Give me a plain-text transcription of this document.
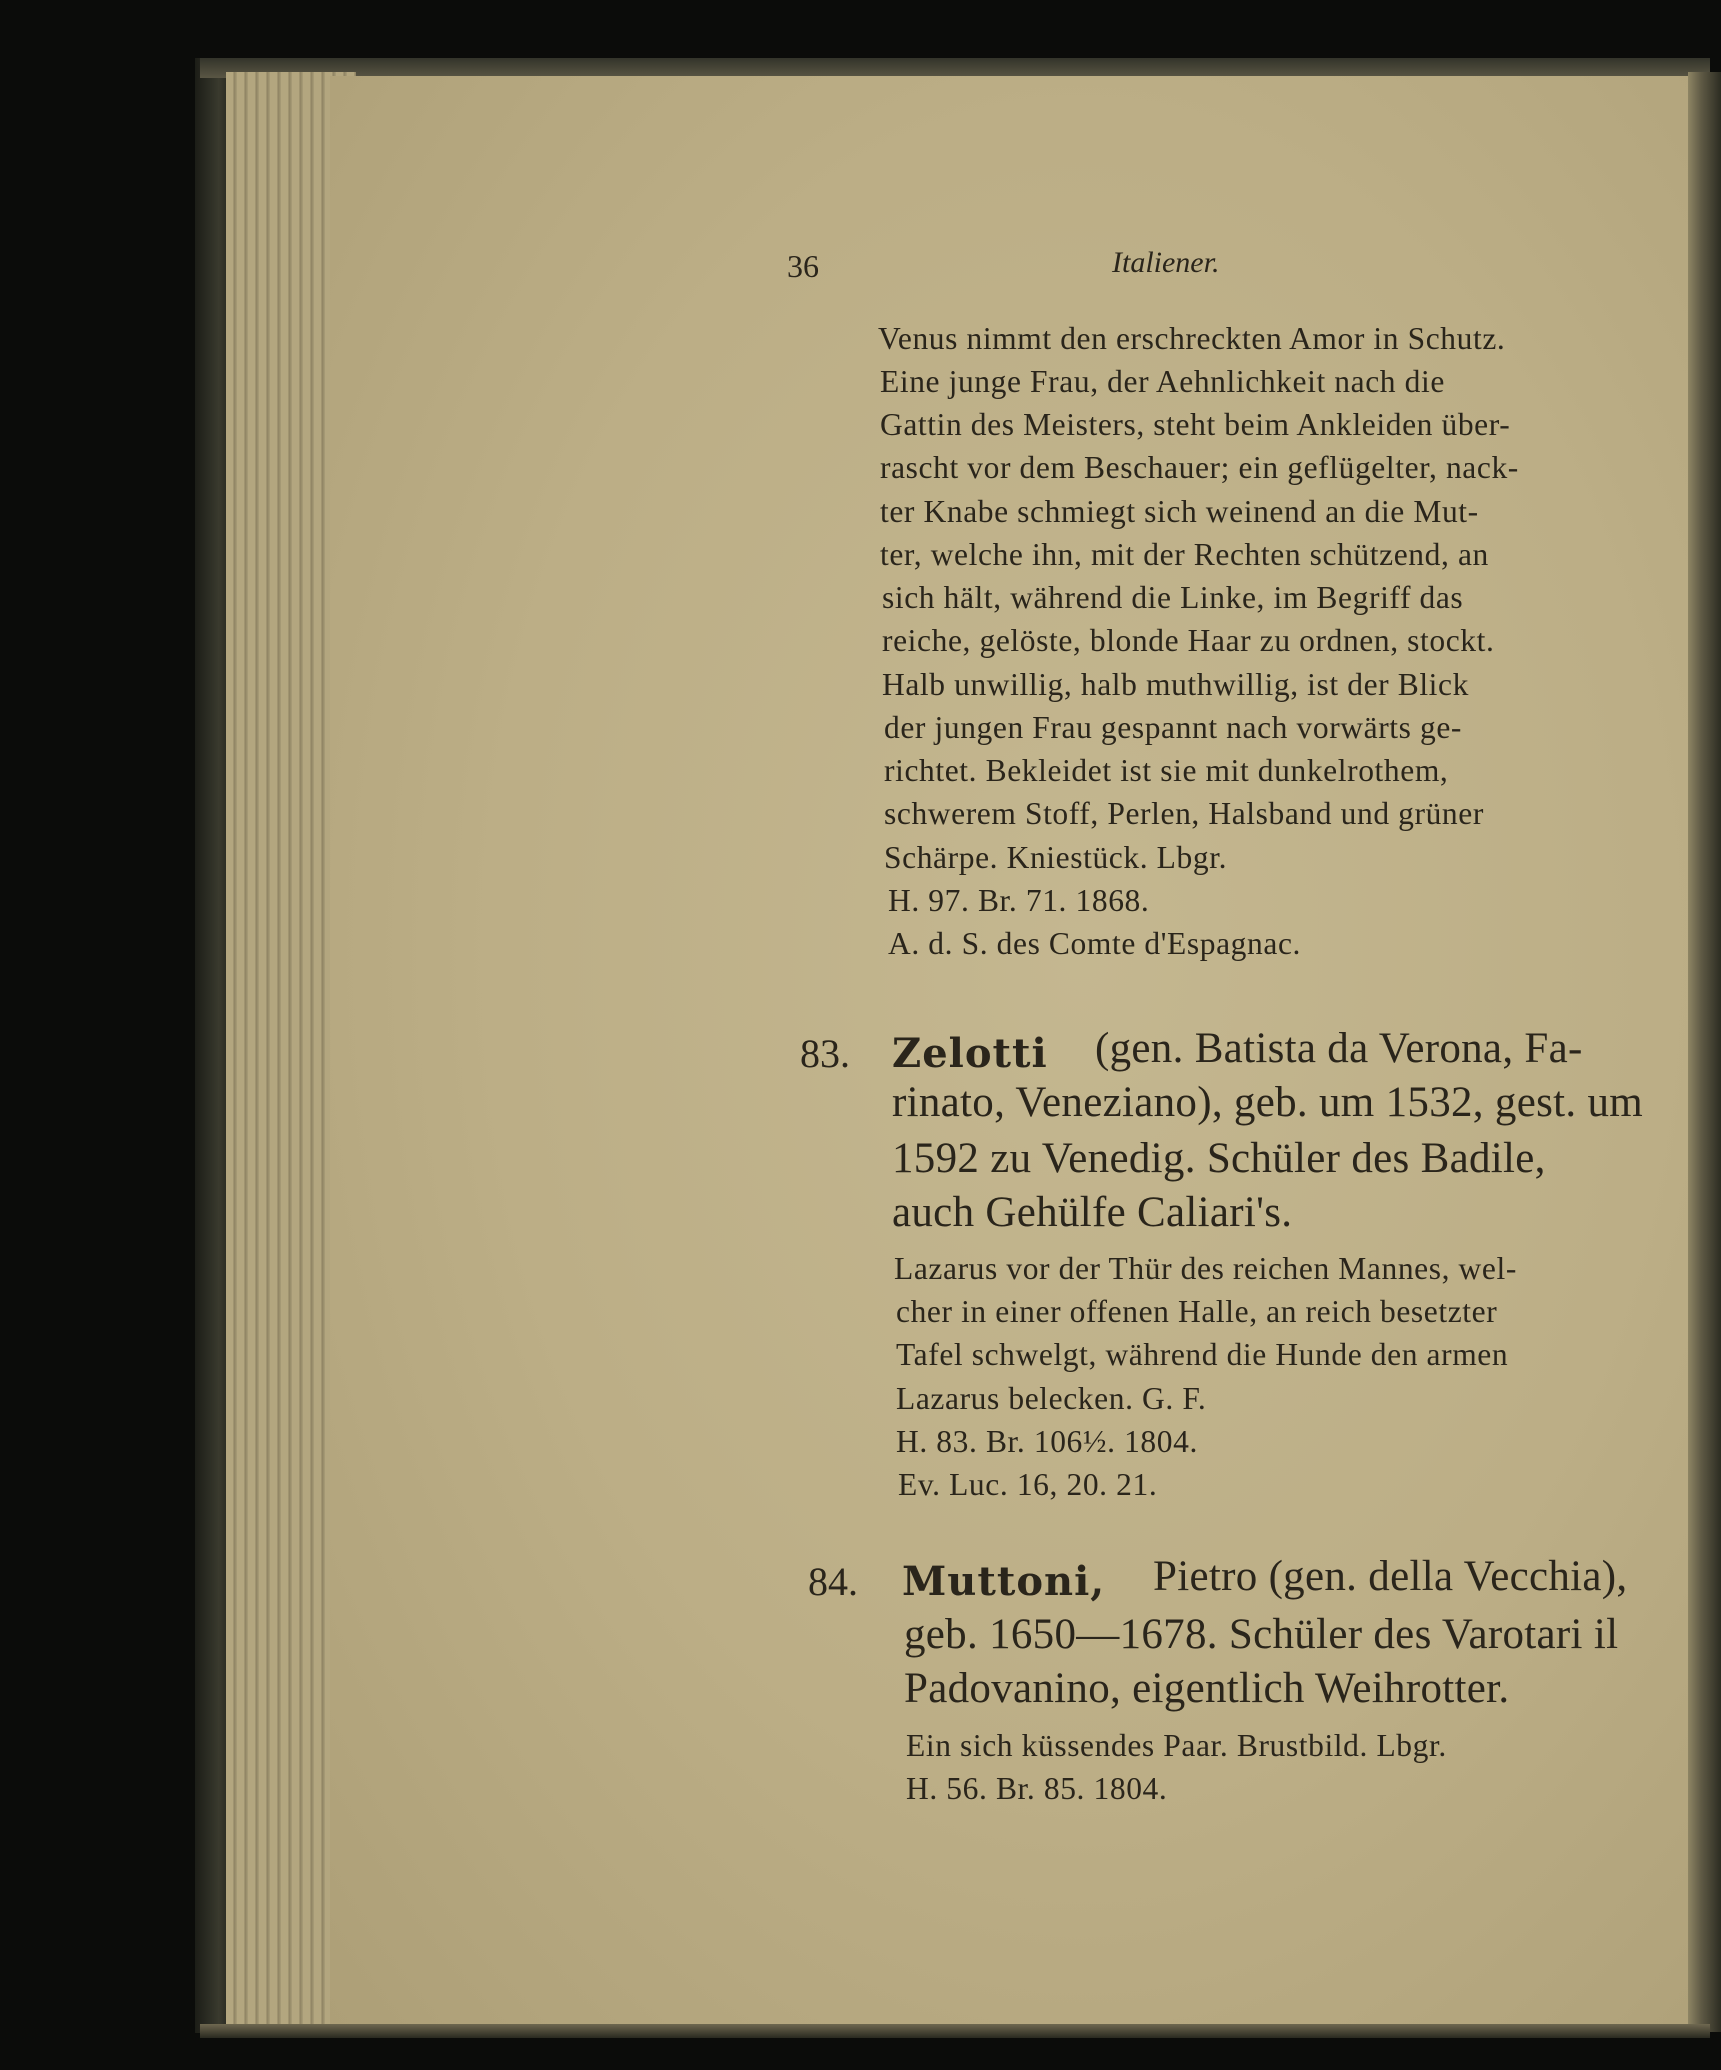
36	Italiener.
Venus nimmt den erschreckten Amor in Schutz.
Eine junge Frau, der Aehnlichkeit nach die
Gattin des Meisters, steht beim Ankleiden über-
rascht vor dem Beschauer; ein geflügelter, nack-
ter Knabe schmiegt sich weinend an die Mut-
ter, welche ihn, mit der Rechten schützend, an
sich hält, während die Linke, im Begriff das
reiche, gelöste, blonde Haar zu ordnen, stockt.
Halb unwillig, halb muthwillig, ist der Blick
der jungen Frau gespannt nach vorwärts ge-
richtet. Bekleidet ist sie mit dunkelrothem,
schwerem Stoff, Perlen, Halsband und grüner
Schärpe. Kniestück. Lbgr.
H. 97. Br. 71. 1868.
A. d. S. des Comte d'Espagnac.
83. Zelotti (gen. Batista da Verona, Fa-
rinato, Veneziano), geb. um 1532, gest. um
1592 zu Venedig. Schüler des Badile,
auch Gehülfe Caliari's.
Lazarus vor der Thür des reichen Mannes, wel-
cher in einer offenen Halle, an reich besetzter
Tafel schwelgt, während die Hunde den armen
Lazarus belecken. G. F.
H. 83. Br. 106½. 1804.
Ev. Luc. 16, 20. 21.
84. Muttoni, Pietro (gen. della Vecchia),
geb. 1650—1678. Schüler des Varotari il
Padovanino, eigentlich Weihrotter.
Ein sich küssendes Paar. Brustbild. Lbgr.
H. 56. Br. 85. 1804.
